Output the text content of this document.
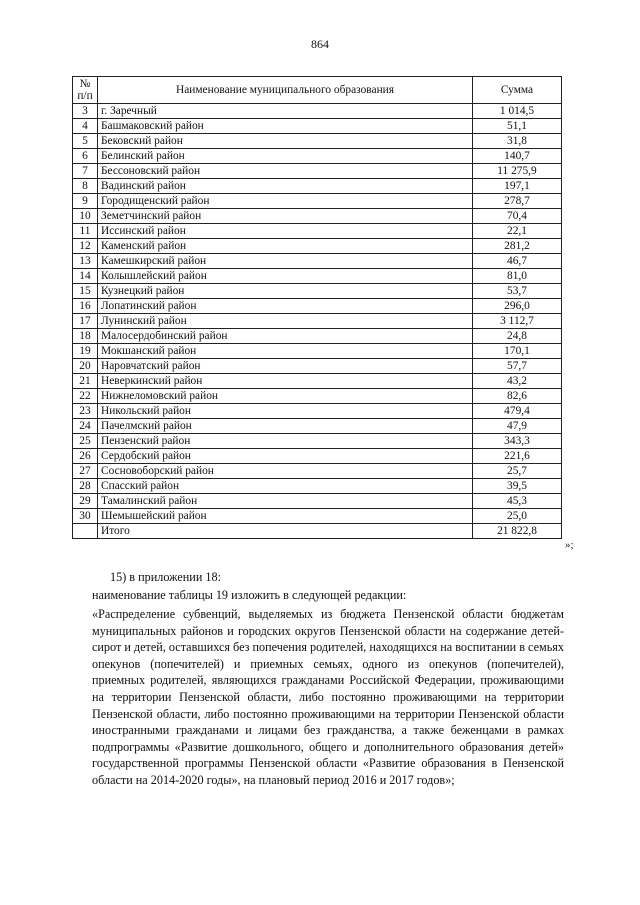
864
№ п/п	Наименование муниципального образования	Сумма
3	г. Заречный	1 014,5
4	Башмаковский район	51,1
5	Бековский район	31,8
6	Белинский район	140,7
7	Бессоновский район	11 275,9
8	Вадинский район	197,1
9	Городищенский район	278,7
10	Земетчинский район	70,4
11	Иссинский район	22,1
12	Каменский район	281,2
13	Камешкирский район	46,7
14	Колышлейский район	81,0
15	Кузнецкий район	53,7
16	Лопатинский район	296,0
17	Лунинский район	3 112,7
18	Малосердобинский район	24,8
19	Мокшанский район	170,1
20	Наровчатский район	57,7
21	Неверкинский район	43,2
22	Нижнеломовский район	82,6
23	Никольский район	479,4
24	Пачелмский район	47,9
25	Пензенский район	343,3
26	Сердобский район	221,6
27	Сосновоборский район	25,7
28	Спасский район	39,5
29	Тамалинский район	45,3
30	Шемышейский район	25,0
	Итого	21 822,8
»;
15) в приложении 18:
наименование таблицы 19 изложить в следующей редакции:
«Распределение субвенций, выделяемых из бюджета Пензенской области бюджетам муниципальных районов и городских округов Пензенской области на содержание детей-сирот и детей, оставшихся без попечения родителей, находящихся на воспитании в семьях опекунов (попечителей) и приемных семьях, одного из опекунов (попечителей), приемных родителей, являющихся гражданами Российской Федерации, проживающими на территории Пензенской области, либо постоянно проживающими на территории Пензенской области, либо постоянно проживающими на территории Пензенской области иностранными гражданами и лицами без гражданства, а также беженцами в рамках подпрограммы «Развитие дошкольного, общего и дополнительного образования детей» государственной программы Пензенской области «Развитие образования в Пензенской области на 2014-2020 годы», на плановый период 2016 и 2017 годов»;
